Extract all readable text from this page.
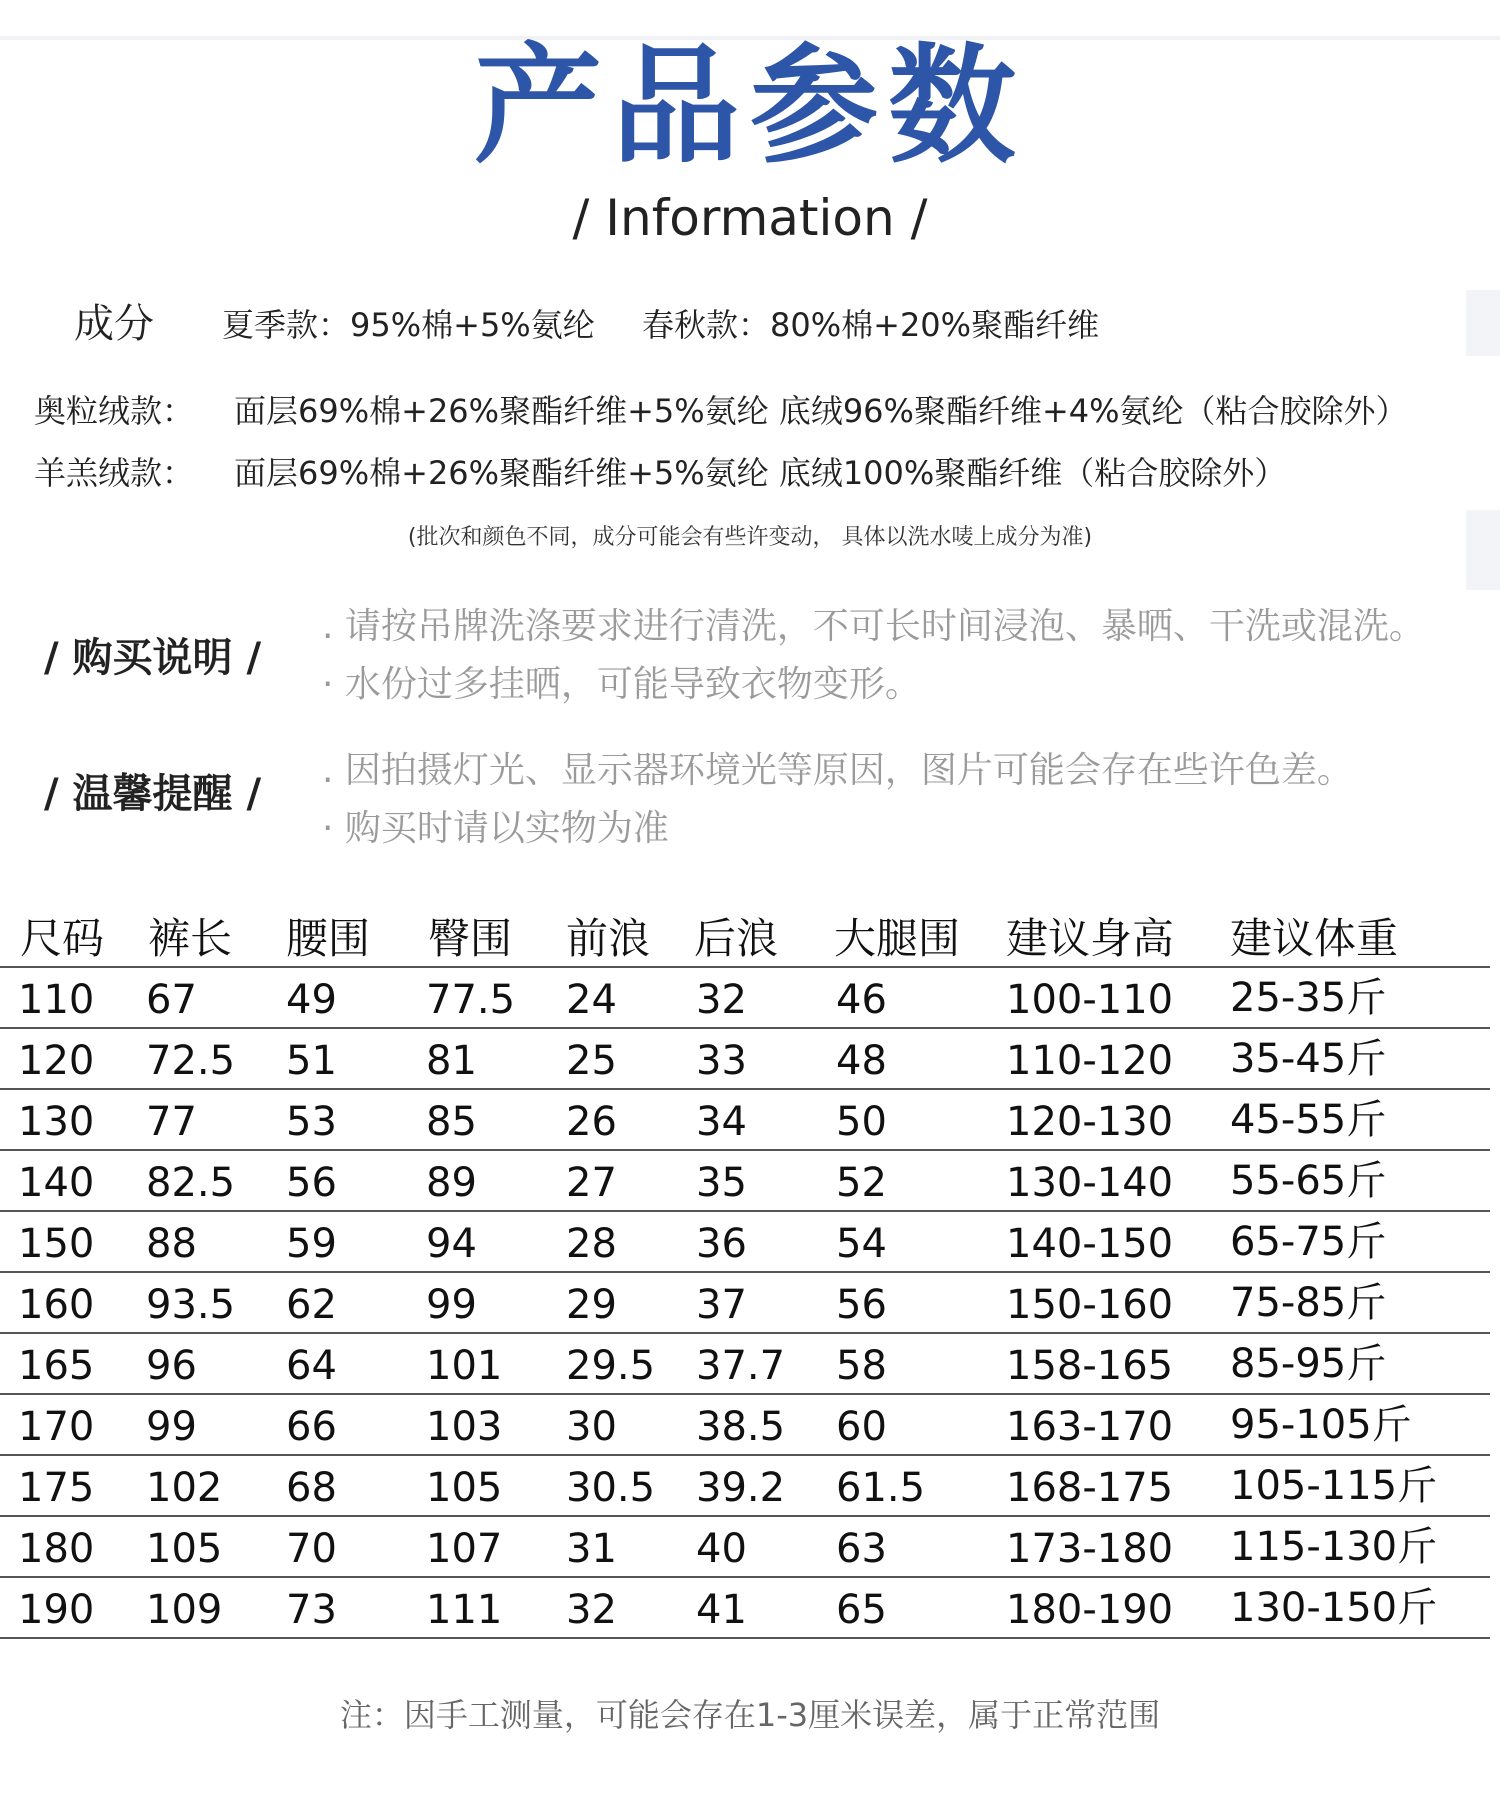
产品参数
/ Information /
成分 夏季款：95%棉+5%氨纶 春秋款：80%棉+20%聚酯纤维
奥粒绒款： 面层69%棉+26%聚酯纤维+5%氨纶 底绒96%聚酯纤维+4%氨纶（粘合胶除外）
羊羔绒款： 面层69%棉+26%聚酯纤维+5%氨纶 底绒100%聚酯纤维（粘合胶除外）
(批次和颜色不同，成分可能会有些许变动， 具体以洗水唛上成分为准)
/ 购买说明 /
. 请按吊牌洗涤要求进行清洗，不可长时间浸泡、暴晒、干洗或混洗。
· 水份过多挂晒，可能导致衣物变形。
/ 温馨提醒 /
. 因拍摄灯光、显示器环境光等原因，图片可能会存在些许色差。
· 购买时请以实物为准
尺码 裤长 腰围 臀围 前浪 后浪 大腿围 建议身高 建议体重
110 67 49 77.5 24 32 46	100-110 25-35斤
120 72.5 51 81 25 33 48	110-120 35-45斤
130 77 53 85 26 34 50	120-130 45-55斤
140 82.5 56 89 27 35 52	130-140 55-65斤
150 88 59 94 28 36 54	140-150 65-75斤
160 93.5 62 99 29 37 56	150-160 75-85斤
165 96 64 101 29.5 37.7 58	158-165 85-95斤
170 99 66 103 30 38.5 60	163-170 95-105斤
175 102 68 105 30.5 39.2 61.5 168-175 105-115斤
180 105 70 107 31 40 63	173-180 115-130斤
190 109 73 111 32 41 65	180-190 130-150斤
注：因手工测量，可能会存在1-3厘米误差，属于正常范围
